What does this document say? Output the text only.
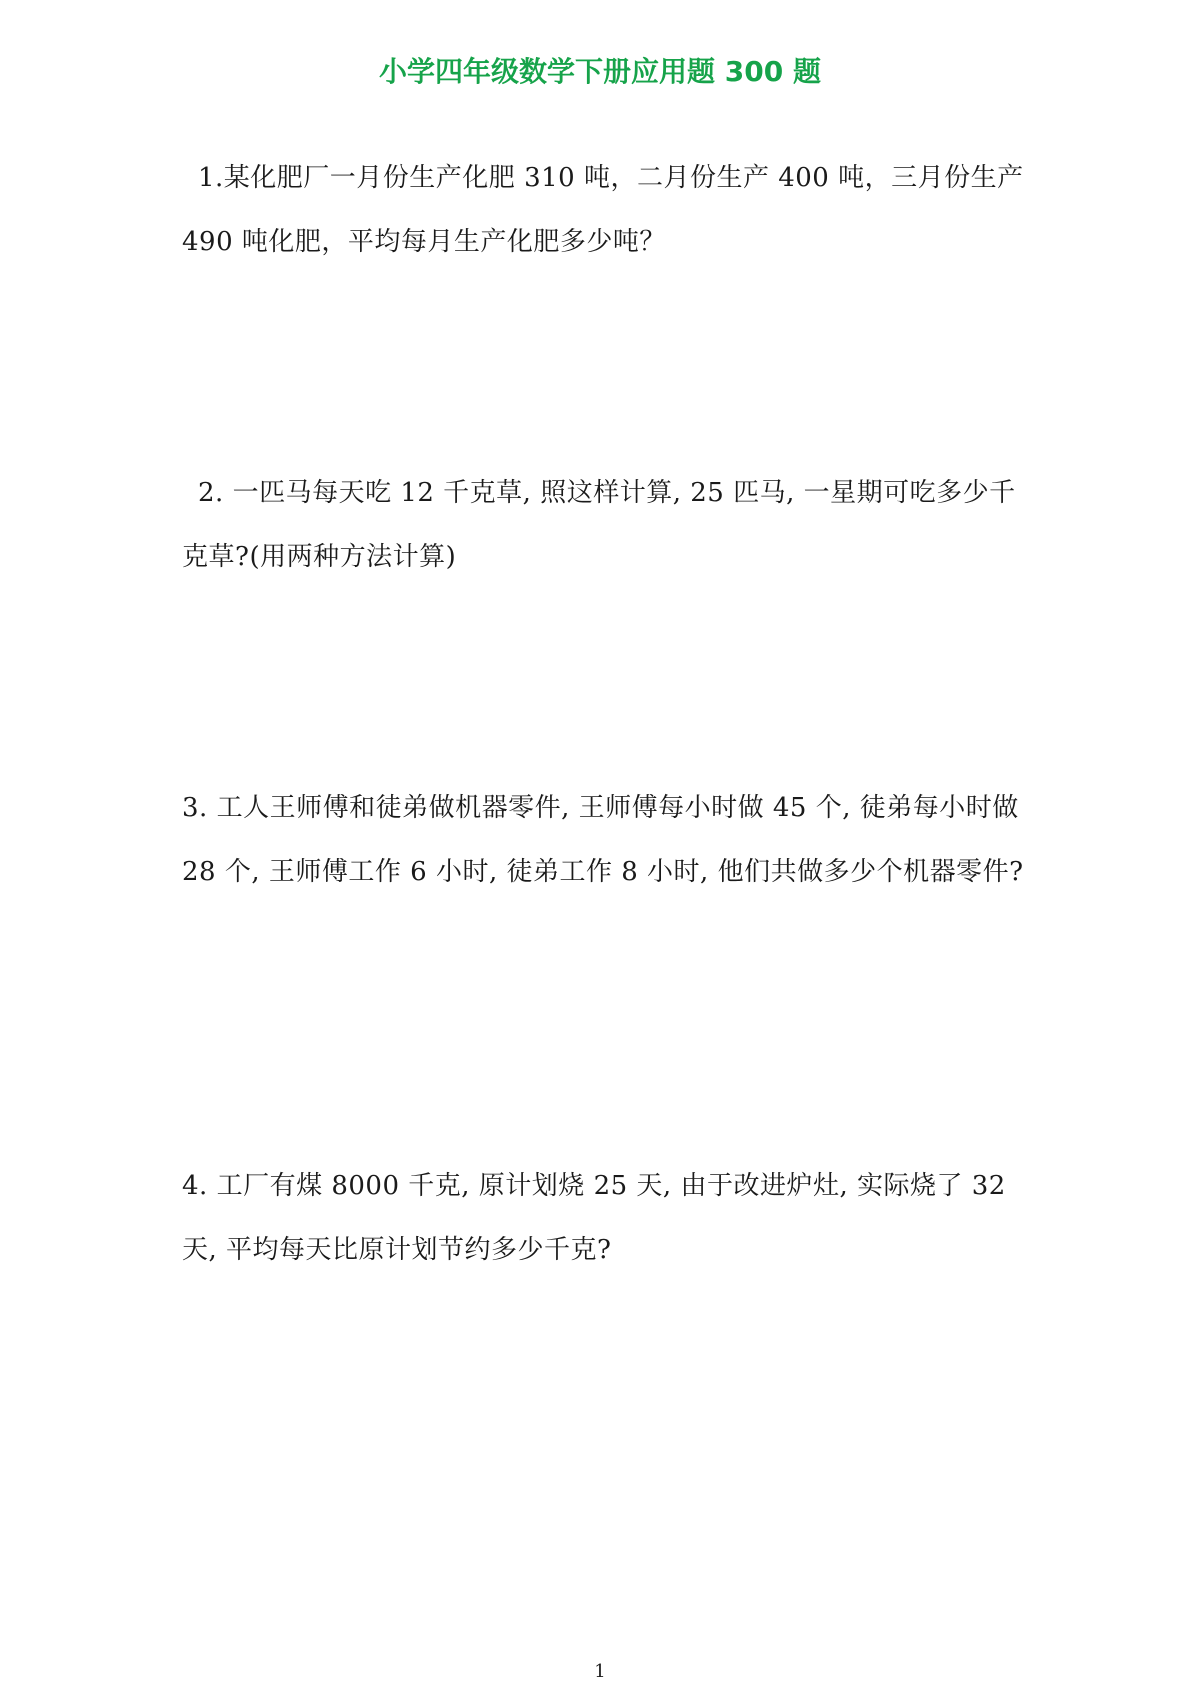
小学四年级数学下册应用题 300 题

1.某化肥厂一月份生产化肥 310 吨，二月份生产 400 吨，三月份生产 490 吨化肥，平均每月生产化肥多少吨？

2. 一匹马每天吃 12 千克草, 照这样计算, 25 匹马, 一星期可吃多少千克草?(用两种方法计算)

3. 工人王师傅和徒弟做机器零件, 王师傅每小时做 45 个, 徒弟每小时做 28 个, 王师傅工作 6 小时, 徒弟工作 8 小时, 他们共做多少个机器零件?

4. 工厂有煤 8000 千克, 原计划烧 25 天, 由于改进炉灶, 实际烧了 32 天, 平均每天比原计划节约多少千克?

1
